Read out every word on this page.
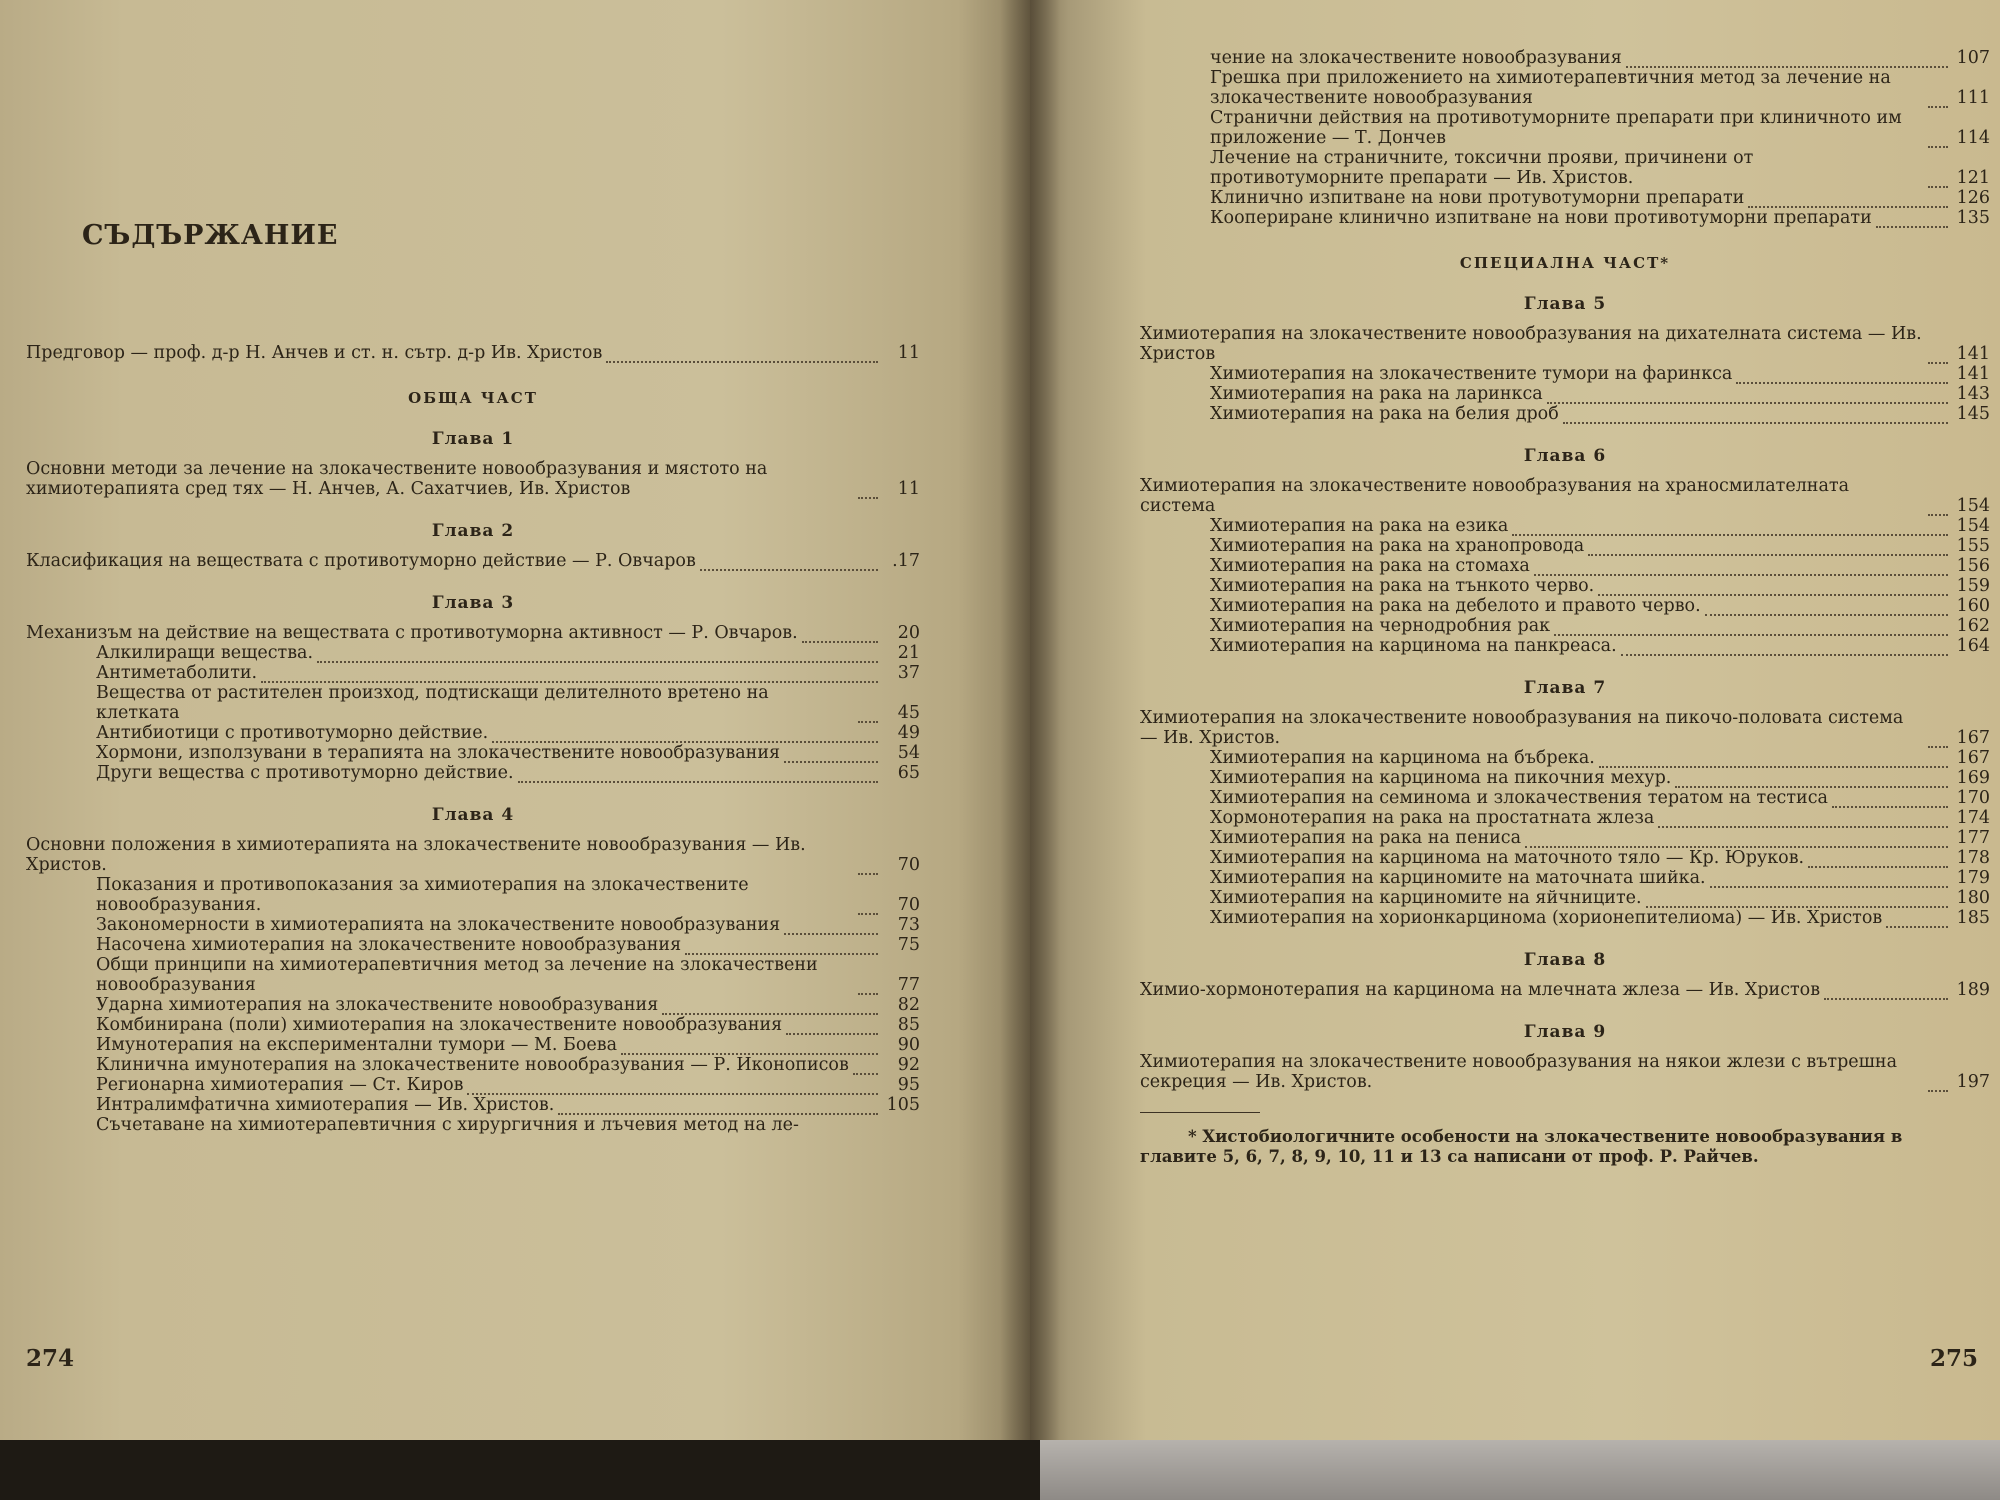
СЪДЪРЖАНИЕ
Предговор — проф. д-р Н. Анчев и ст. н. сътр. д-р Ив. Христов	11
ОБЩА ЧАСТ
Глава 1
Основни методи за лечение на злокачествените новообразувания и мястото на химиотерапията сред тях — Н. Анчев, А. Сахатчиев, Ив. Христов	11
Глава 2
Класификация на веществата с противотуморно действие — Р. Овчаров	.17
Глава 3
Механизъм на действие на веществата с противотуморна активност — Р. Овчаров.	20
Алкилиращи вещества.	21
Антиметаболити.	37
Вещества от растителен произход, подтискащи делителното вретено на клетката	45
Антибиотици с противотуморно действие.	49
Хормони, използувани в терапията на злокачествените новообразувания	54
Други вещества с противотуморно действие.	65
Глава 4
Основни положения в химиотерапията на злокачествените новообразувания — Ив. Христов.	70
Показания и противопоказания за химиотерапия на злокачествените новообразувания.	70
Закономерности в химиотерапията на злокачествените новообразувания	73
Насочена химиотерапия на злокачествените новообразувания	75
Общи принципи на химиотерапевтичния метод за лечение на злокачествени новообразувания	77
Ударна химиотерапия на злокачествените новообразувания	82
Комбинирана (поли) химиотерапия на злокачествените новообразувания	85
Имунотерапия на експериментални тумори — М. Боева	90
Клинична имунотерапия на злокачествените новообразувания — Р. Иконописов	92
Регионарна химиотерапия — Ст. Киров	95
Интралимфатична химиотерапия — Ив. Христов.	105
Съчетаване на химиотерапевтичния с хирургичния и лъчевия метод на ле-
274
чение на злокачествените новообразувания	107
Грешка при приложението на химиотерапевтичния метод за лечение на злокачествените новообразувания	111
Странични действия на противотуморните препарати при клиничното им приложение — Т. Дончев	114
Лечение на страничните, токсични прояви, причинени от противотуморните препарати — Ив. Христов.	121
Клинично изпитване на нови протувотуморни препарати	126
Коопериране клинично изпитване на нови противотуморни препарати	135
СПЕЦИАЛНА ЧАСТ*
Глава 5
Химиотерапия на злокачествените новообразувания на дихателната система — Ив. Христов	141
Химиотерапия на злокачествените тумори на фаринкса	141
Химиотерапия на рака на ларинкса	143
Химиотерапия на рака на белия дроб	145
Глава 6
Химиотерапия на злокачествените новообразувания на храносмилателната система	154
Химиотерапия на рака на езика	154
Химиотерапия на рака на хранопровода	155
Химиотерапия на рака на стомаха	156
Химиотерапия на рака на тънкото черво.	159
Химиотерапия на рака на дебелото и правото черво.	160
Химиотерапия на чернодробния рак	162
Химиотерапия на карцинома на панкреаса.	164
Глава 7
Химиотерапия на злокачествените новообразувания на пикочо-половата система — Ив. Христов.	167
Химиотерапия на карцинома на бъбрека.	167
Химиотерапия на карцинома на пикочния мехур.	169
Химиотерапия на семинома и злокачествения тератом на тестиса	170
Хормонотерапия на рака на простатната жлеза	174
Химиотерапия на рака на пениса	177
Химиотерапия на карцинома на маточното тяло — Кр. Юруков.	178
Химиотерапия на карциномите на маточната шийка.	179
Химиотерапия на карциномите на яйчниците.	180
Химиотерапия на хорионкарцинома (хорионепителиома) — Ив. Христов	185
Глава 8
Химио-хормонотерапия на карцинома на млечната жлеза — Ив. Христов	189
Глава 9
Химиотерапия на злокачествените новообразувания на някои жлези с вътрешна секреция — Ив. Христов.	197
* Хистобиологичните особености на злокачествените новообразувания в главите 5, 6, 7, 8, 9, 10, 11 и 13 са написани от проф. Р. Райчев.
275
